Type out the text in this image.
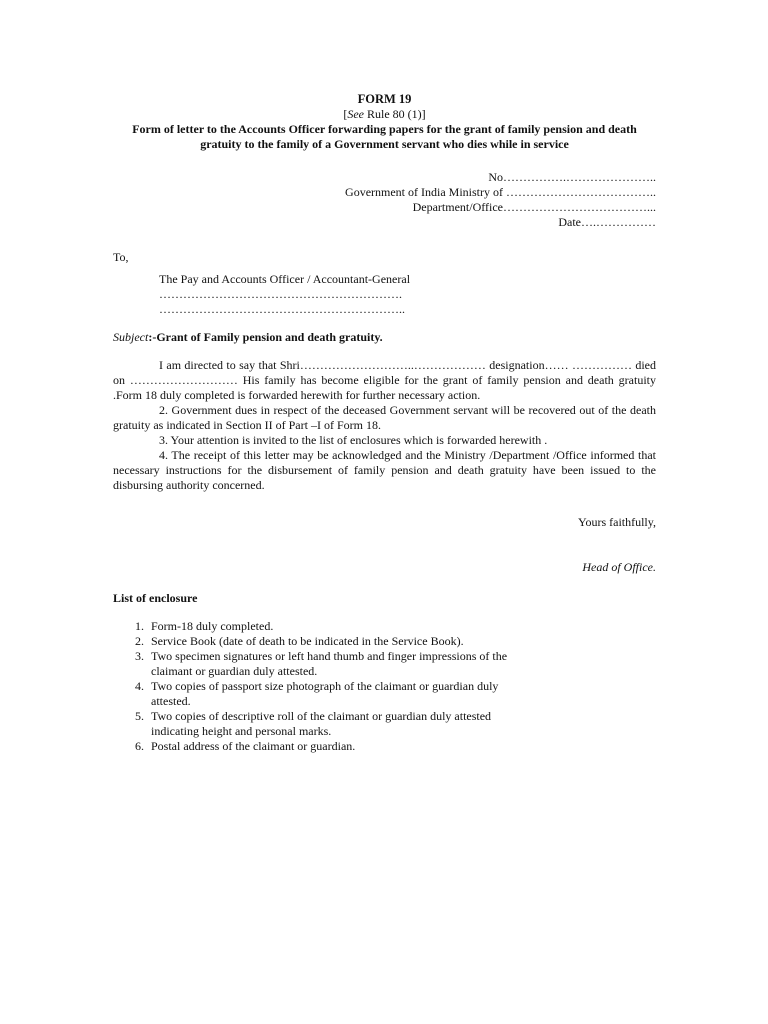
FORM 19
[See Rule 80 (1)]
Form of letter to the Accounts Officer forwarding papers for the grant of family pension and death gratuity to the family of a Government servant who dies while in service
No…………….…………………..
Government of India Ministry of ………………………………..
Department/Office………………………………...
Date….……………
To,
The Pay and Accounts Officer / Accountant-General
…………………………………………………….
……………………………………………………..
Subject:-Grant of Family pension and death gratuity.

I am directed to say that Shri………………………..……………… designation…… …………… died on ……………………… His family has become eligible for the grant of family pension and death gratuity .Form 18 duly completed is forwarded herewith for further necessary action.

2. Government dues in respect of the deceased Government servant will be recovered out of the death gratuity as indicated in Section II of Part –I of Form 18.

3. Your attention is invited to the list of enclosures which is forwarded herewith .

4. The receipt of this letter may be acknowledged and the Ministry /Department /Office informed that necessary instructions for the disbursement of family pension and death gratuity have been issued to the disbursing authority concerned.

Yours faithfully,
Head of Office.
List of enclosure
1. Form-18 duly completed.
2. Service Book (date of death to be indicated in the Service Book).
3. Two specimen signatures or left hand thumb and finger impressions of the claimant or guardian duly attested.
4. Two copies of passport size photograph of the claimant or guardian duly attested.
5. Two copies of descriptive roll of the claimant or guardian duly attested indicating height and personal marks.
6. Postal address of the claimant or guardian.
